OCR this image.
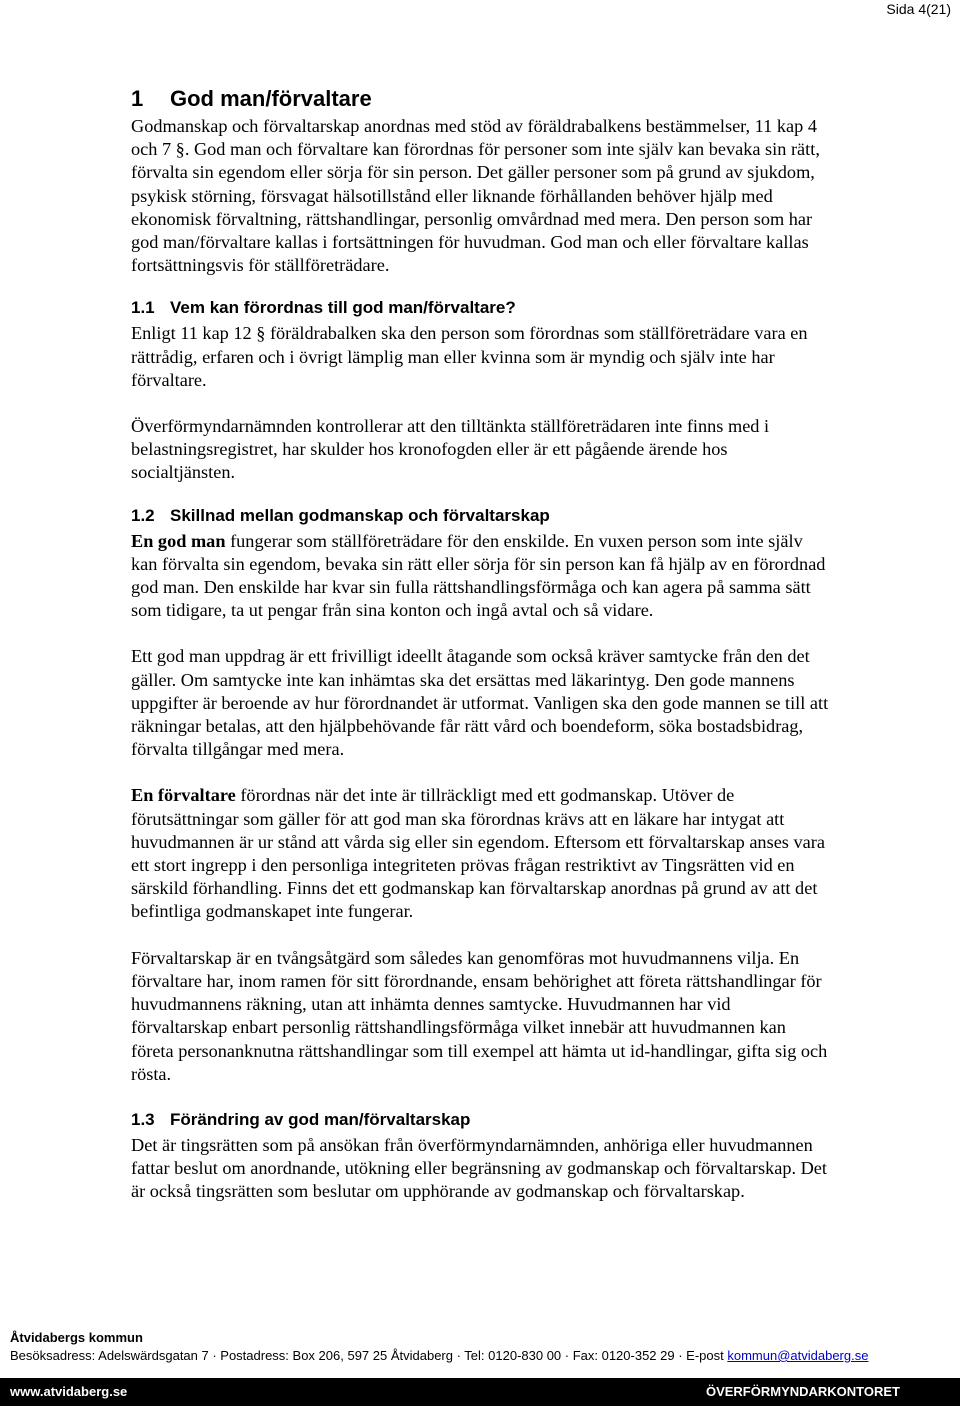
Sida 4(21)
1 God man/förvaltare

Godmanskap och förvaltarskap anordnas med stöd av föräldrabalkens bestämmelser, 11 kap 4 och 7 §. God man och förvaltare kan förordnas för personer som inte själv kan bevaka sin rätt, förvalta sin egendom eller sörja för sin person. Det gäller personer som på grund av sjukdom, psykisk störning, försvagat hälsotillstånd eller liknande förhållanden behöver hjälp med ekonomisk förvaltning, rättshandlingar, personlig omvårdnad med mera. Den person som har god man/förvaltare kallas i fortsättningen för huvudman. God man och eller förvaltare kallas fortsättningsvis för ställföreträdare.

1.1 Vem kan förordnas till god man/förvaltare?

Enligt 11 kap 12 § föräldrabalken ska den person som förordnas som ställföreträdare vara en rättrådig, erfaren och i övrigt lämplig man eller kvinna som är myndig och själv inte har förvaltare.

Överförmyndarnämnden kontrollerar att den tilltänkta ställföreträdaren inte finns med i belastningsregistret, har skulder hos kronofogden eller är ett pågående ärende hos socialtjänsten.

1.2 Skillnad mellan godmanskap och förvaltarskap

En god man fungerar som ställföreträdare för den enskilde. En vuxen person som inte själv kan förvalta sin egendom, bevaka sin rätt eller sörja för sin person kan få hjälp av en förordnad god man. Den enskilde har kvar sin fulla rättshandlingsförmåga och kan agera på samma sätt som tidigare, ta ut pengar från sina konton och ingå avtal och så vidare.

Ett god man uppdrag är ett frivilligt ideellt åtagande som också kräver samtycke från den det gäller. Om samtycke inte kan inhämtas ska det ersättas med läkarintyg. Den gode mannens uppgifter är beroende av hur förordnandet är utformat. Vanligen ska den gode mannen se till att räkningar betalas, att den hjälpbehövande får rätt vård och boendeform, söka bostadsbidrag, förvalta tillgångar med mera.

En förvaltare förordnas när det inte är tillräckligt med ett godmanskap. Utöver de förutsättningar som gäller för att god man ska förordnas krävs att en läkare har intygat att huvudmannen är ur stånd att vårda sig eller sin egendom. Eftersom ett förvaltarskap anses vara ett stort ingrepp i den personliga integriteten prövas frågan restriktivt av Tingsrätten vid en särskild förhandling. Finns det ett godmanskap kan förvaltarskap anordnas på grund av att det befintliga godmanskapet inte fungerar.

Förvaltarskap är en tvångsåtgärd som således kan genomföras mot huvudmannens vilja. En förvaltare har, inom ramen för sitt förordnande, ensam behörighet att företa rättshandlingar för huvudmannens räkning, utan att inhämta dennes samtycke. Huvudmannen har vid förvaltarskap enbart personlig rättshandlingsförmåga vilket innebär att huvudmannen kan företa personanknutna rättshandlingar som till exempel att hämta ut id-handlingar, gifta sig och rösta.

1.3 Förändring av god man/förvaltarskap

Det är tingsrätten som på ansökan från överförmyndarnämnden, anhöriga eller huvudmannen fattar beslut om anordnande, utökning eller begränsning av godmanskap och förvaltarskap. Det är också tingsrätten som beslutar om upphörande av godmanskap och förvaltarskap.

Åtvidabergs kommun
Besöksadress: Adelswärdsgatan 7 · Postadress: Box 206, 597 25 Åtvidaberg · Tel: 0120-830 00 · Fax: 0120-352 29 · E-post kommun@atvidaberg.se
www.atvidaberg.se	ÖVERFÖRMYNDARKONTORET
